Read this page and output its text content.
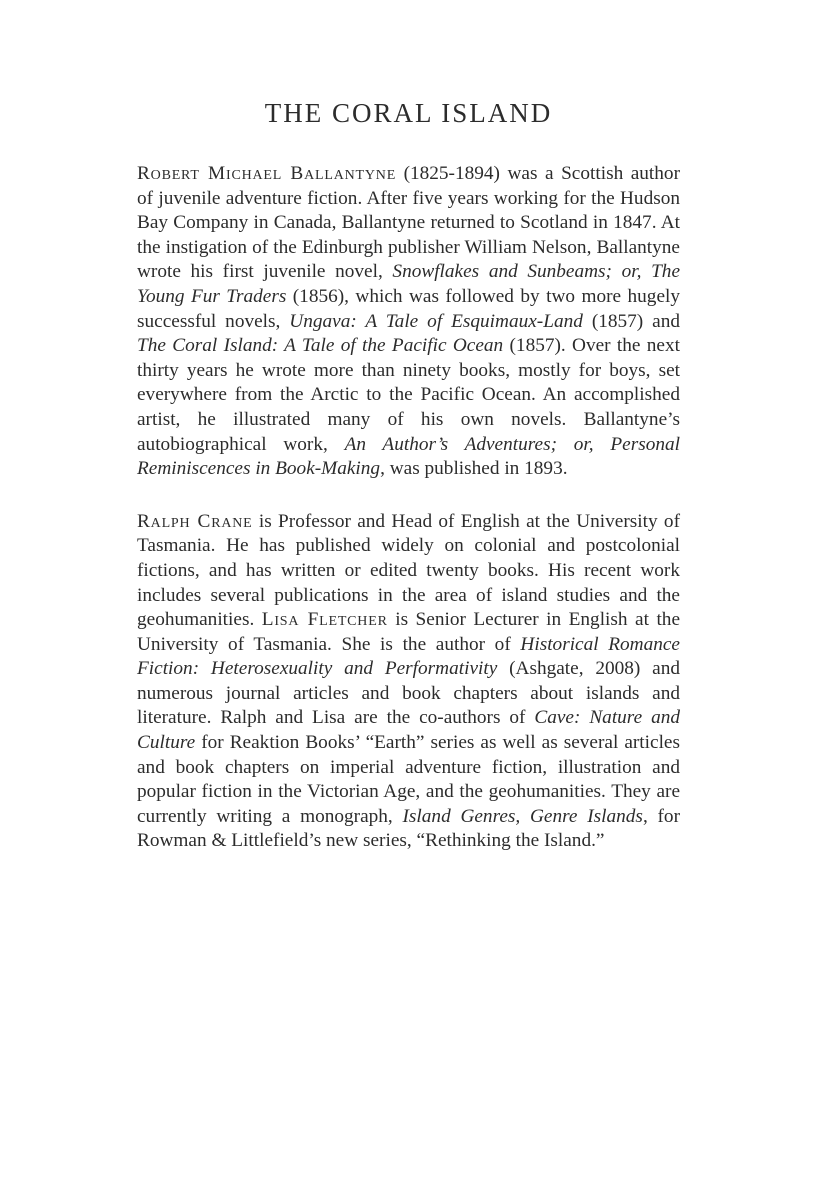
THE CORAL ISLAND

Robert Michael Ballantyne (1825-1894) was a Scottish author of juvenile adventure fiction. After five years working for the Hudson Bay Company in Canada, Ballantyne returned to Scotland in 1847. At the instigation of the Edinburgh publisher William Nelson, Ballantyne wrote his first juvenile novel, Snowflakes and Sunbeams; or, The Young Fur Traders (1856), which was followed by two more hugely successful novels, Ungava: A Tale of Esquimaux-Land (1857) and The Coral Island: A Tale of the Pacific Ocean (1857). Over the next thirty years he wrote more than ninety books, mostly for boys, set everywhere from the Arctic to the Pacific Ocean. An accomplished artist, he illustrated many of his own novels. Ballantyne’s autobiographical work, An Author’s Adventures; or, Personal Reminiscences in Book-Making, was published in 1893.

Ralph Crane is Professor and Head of English at the University of Tasmania. He has published widely on colonial and postcolonial fictions, and has written or edited twenty books. His recent work includes several publications in the area of island studies and the geohumanities. Lisa Fletcher is Senior Lecturer in English at the University of Tasmania. She is the author of Historical Romance Fiction: Heterosexuality and Performativity (Ashgate, 2008) and numerous journal articles and book chapters about islands and literature. Ralph and Lisa are the co-authors of Cave: Nature and Culture for Reaktion Books’ “Earth” series as well as several articles and book chapters on imperial adventure fiction, illustration and popular fiction in the Victorian Age, and the geohumanities. They are currently writing a monograph, Island Genres, Genre Islands, for Rowman & Littlefield’s new series, “Rethinking the Island.”
